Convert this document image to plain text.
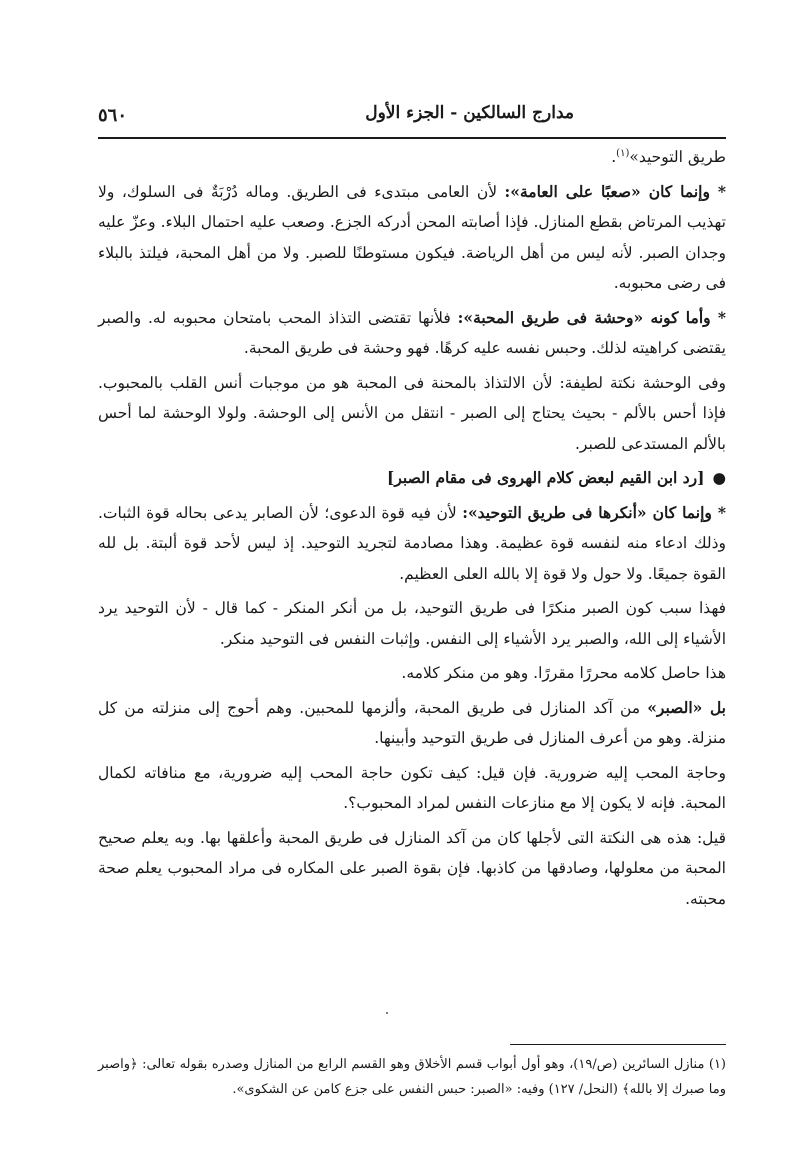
مدارج السالكين - الجزء الأول
٥٦٠

طريق التوحيد»$^{(١)}$.

* وإنما كان «صعبًا على العامة»: لأن العامى مبتدىء فى الطريق. وماله دُرْبَةٌ فى السلوك، ولا تهذيب المرتاض بقطع المنازل. فإذا أصابته المحن أدركه الجزع. وصعب عليه احتمال البلاء. وعزّ عليه وجدان الصبر. لأنه ليس من أهل الرياضة. فيكون مستوطنًا للصبر. ولا من أهل المحبة، فيلتذ بالبلاء فى رضى محبوبه.

* وأما كونه «وحشة فى طريق المحبة»: فلأنها تقتضى التذاذ المحب بامتحان محبوبه له. والصبر يقتضى كراهيته لذلك. وحبس نفسه عليه كرهًا. فهو وحشة فى طريق المحبة.

وفى الوحشة نكتة لطيفة: لأن الالتذاذ بالمحنة فى المحبة هو من موجبات أنس القلب بالمحبوب. فإذا أحس بالألم - بحيث يحتاج إلى الصبر - انتقل من الأنس إلى الوحشة. ولولا الوحشة لما أحس بالألم المستدعى للصبر.

●[رد ابن القيم لبعض كلام الهروى فى مقام الصبر]

* وإنما كان «أنكرها فى طريق التوحيد»: لأن فيه قوة الدعوى؛ لأن الصابر يدعى بحاله قوة الثبات. وذلك ادعاء منه لنفسه قوة عظيمة. وهذا مصادمة لتجريد التوحيد. إذ ليس لأحد قوة ألبتة. بل لله القوة جميعًا. ولا حول ولا قوة إلا بالله العلى العظيم.

فهذا سبب كون الصبر منكرًا فى طريق التوحيد، بل من أنكر المنكر - كما قال - لأن التوحيد يرد الأشياء إلى الله، والصبر يرد الأشياء إلى النفس. وإثبات النفس فى التوحيد منكر.

هذا حاصل كلامه محررًا مقررًا. وهو من منكر كلامه.

بل «الصبر» من آكد المنازل فى طريق المحبة، وألزمها للمحبين. وهم أحوج إلى منزلته من كل منزلة. وهو من أعرف المنازل فى طريق التوحيد وأبينها.

وحاجة المحب إليه ضرورية. فإن قيل: كيف تكون حاجة المحب إليه ضرورية، مع منافاته لكمال المحبة. فإنه لا يكون إلا مع منازعات النفس لمراد المحبوب؟.

قيل: هذه هى النكتة التى لأجلها كان من آكد المنازل فى طريق المحبة وأعلقها بها. وبه يعلم صحيح المحبة من معلولها، وصادقها من كاذبها. فإن بقوة الصبر على المكاره فى مراد المحبوب يعلم صحة محبته.

(١) منازل السائرين (ص/١٩)، وهو أول أبواب قسم الأخلاق وهو القسم الرابع من المنازل وصدره بقوله تعالى: ﴿واصبر وما صبرك إلا بالله﴾ (النحل/ ١٢٧) وفيه: «الصبر: حبس النفس على جزع كامن عن الشكوى».
